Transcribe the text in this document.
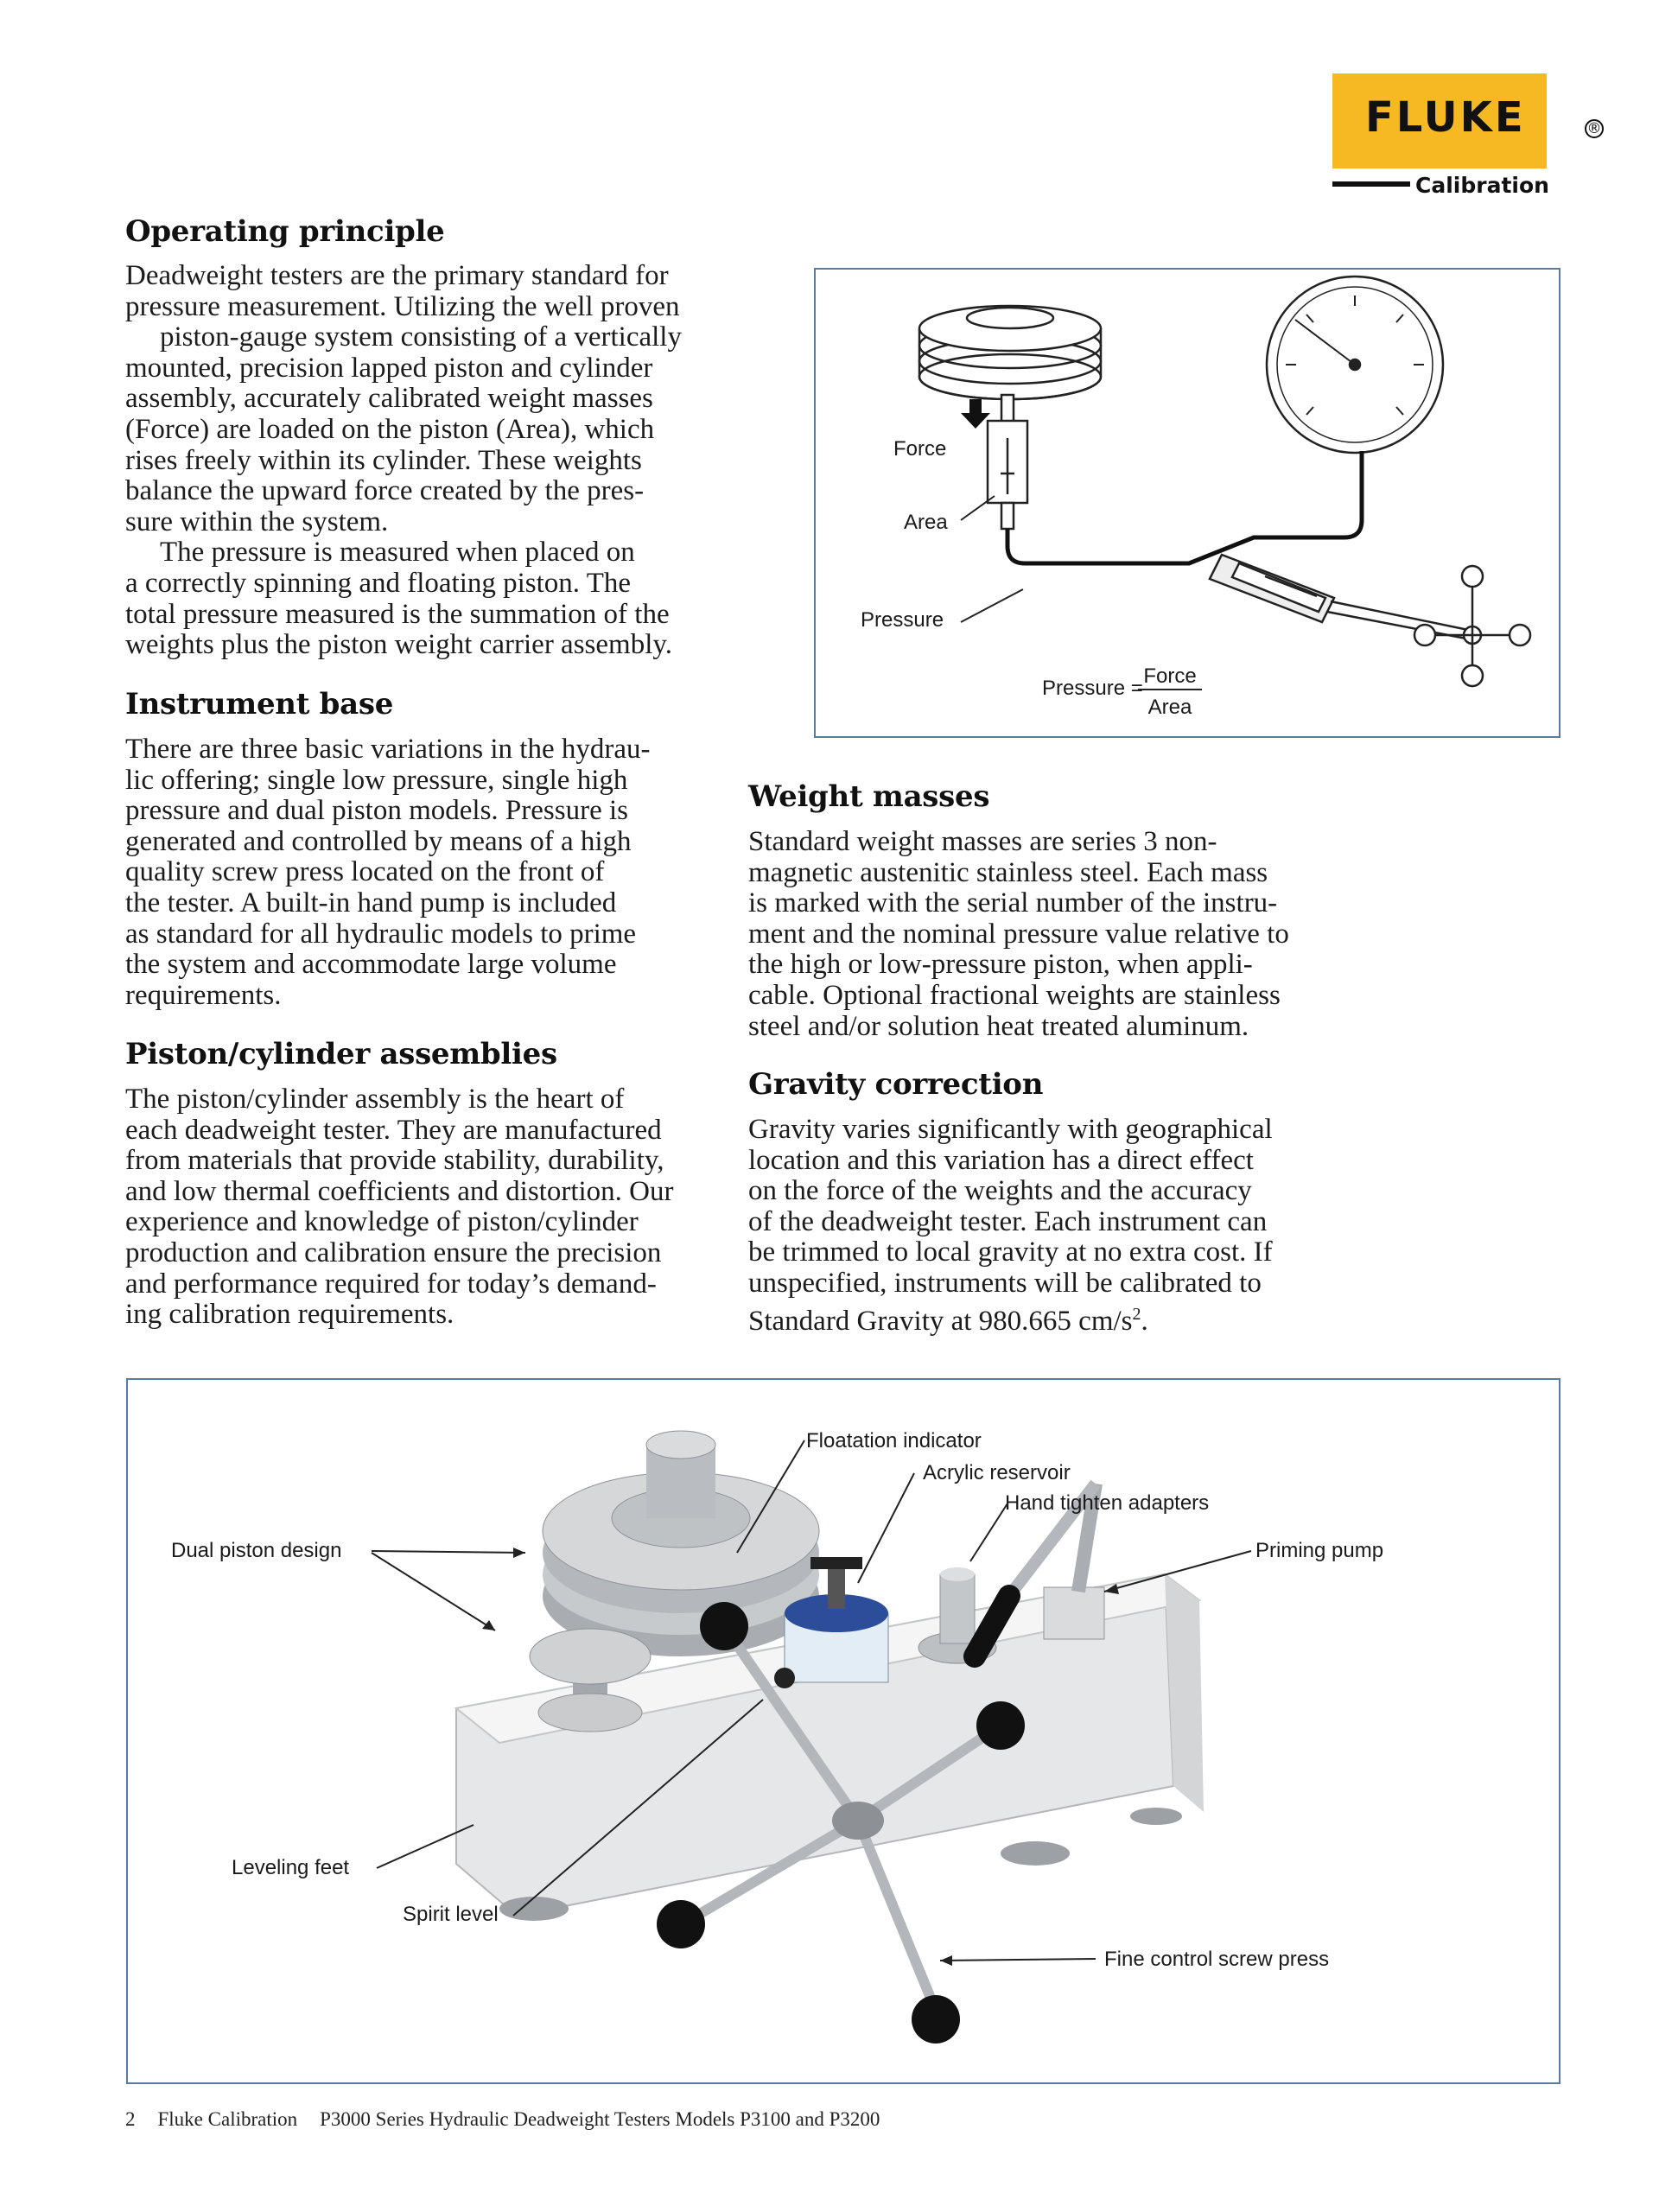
FLUKE	®
Calibration
Operating principle

Deadweight testers are the primary standard for
pressure measurement. Utilizing the well proven

piston-gauge system consisting of a vertically

mounted, precision lapped piston and cylinder
assembly, accurately calibrated weight masses
(Force) are loaded on the piston (Area), which
rises freely within its cylinder. These weights
balance the upward force created by the pres-
sure within the system.

The pressure is measured when placed on

a correctly spinning and floating piston. The
total pressure measured is the summation of the
weights plus the piston weight carrier assembly.

Instrument base

There are three basic variations in the hydrau-
lic offering; single low pressure, single high
pressure and dual piston models. Pressure is
generated and controlled by means of a high
quality screw press located on the front of
the tester. A built-in hand pump is included
as standard for all hydraulic models to prime
the system and accommodate large volume
requirements.

Piston/cylinder assemblies

The piston/cylinder assembly is the heart of
each deadweight tester. They are manufactured
from materials that provide stability, durability,
and low thermal coefficients and distortion. Our
experience and knowledge of piston/cylinder
production and calibration ensure the precision
and performance required for today’s demand-
ing calibration requirements.

Weight masses

Standard weight masses are series 3 non-
magnetic austenitic stainless steel. Each mass
is marked with the serial number of the instru-
ment and the nominal pressure value relative to
the high or low-pressure piston, when appli-
cable. Optional fractional weights are stainless
steel and/or solution heat treated aluminum.

Gravity correction

Gravity varies significantly with geographical
location and this variation has a direct effect
on the force of the weights and the accuracy
of the deadweight tester. Each instrument can
be trimmed to local gravity at no extra cost. If
unspecified, instruments will be calibrated to
Standard Gravity at 980.665 $cm/s^2$.

Force
Area
Pressure
Pressure =
Force
Area
Floatation indicator
Acrylic reservoir
Hand tighten adapters
Dual piston design	Priming pump
Leveling feet
Spirit level
Fine control screw press
2 Fluke Calibration P3000 Series Hydraulic Deadweight Testers Models P3100 and P3200
